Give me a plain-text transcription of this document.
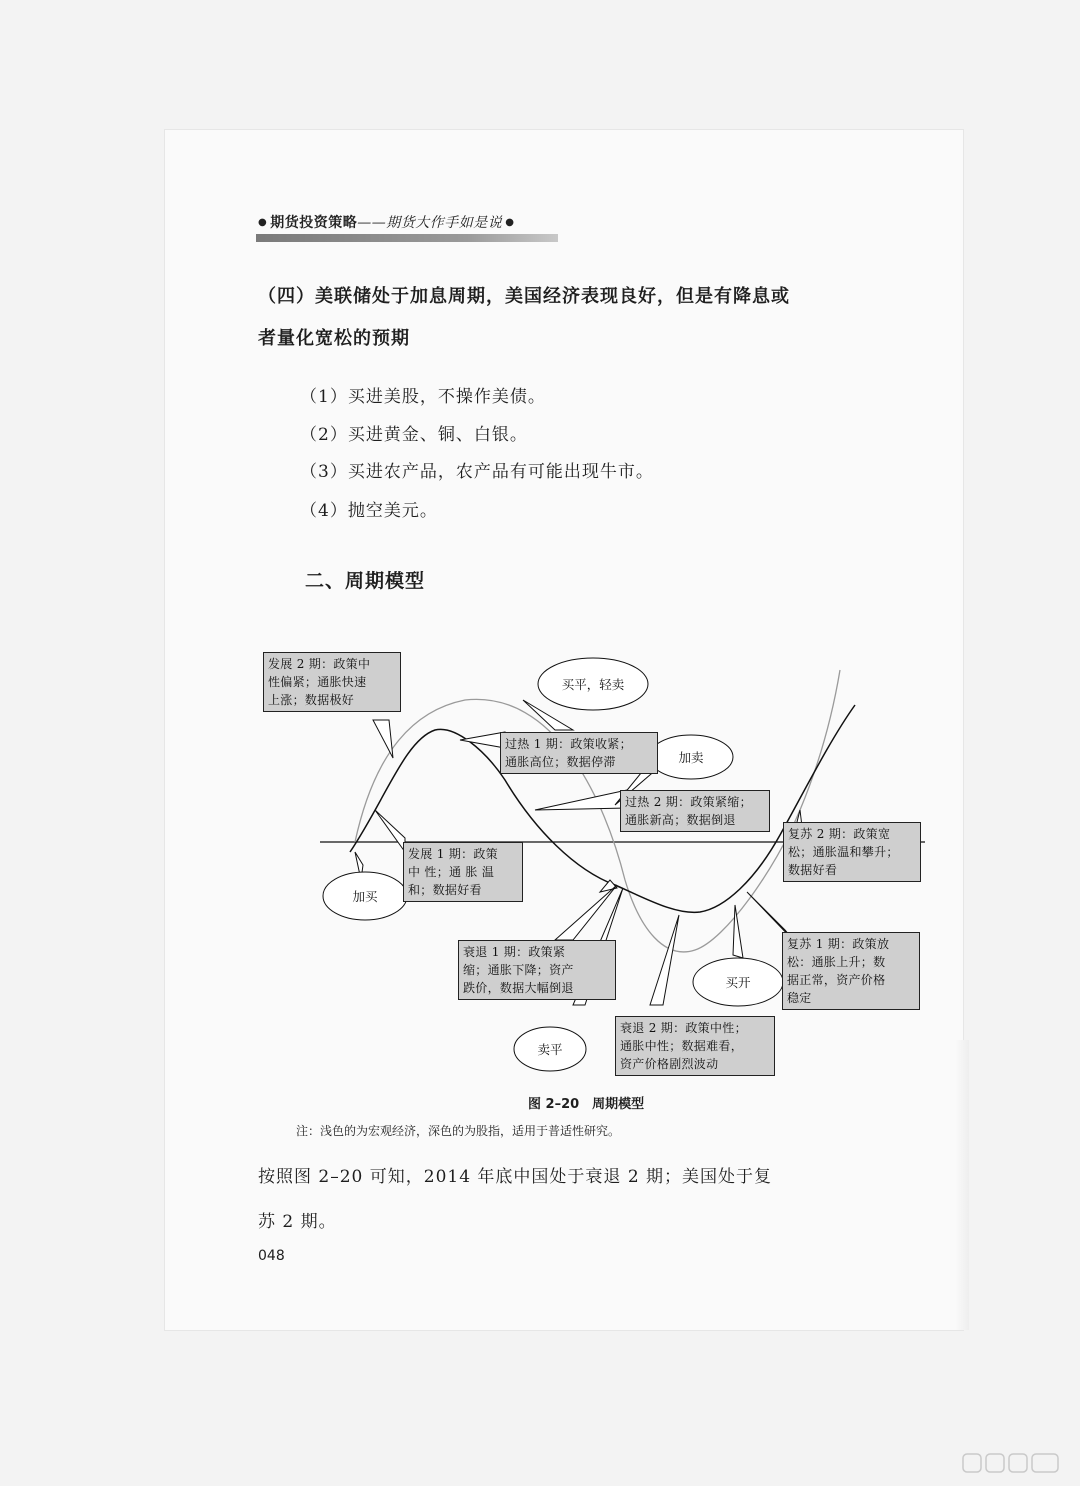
● 期货投资策略——期货大作手如是说 ●
（四）美联储处于加息周期，美国经济表现良好，但是有降息或
者量化宽松的预期
（1）买进美股，不操作美债。
（2）买进黄金、铜、白银。
（3）买进农产品，农产品有可能出现牛市。
（4）抛空美元。
二、周期模型
发展 2 期：政策中
性偏紧；通胀快速
上涨；数据极好
过热 1 期：政策收紧；
通胀高位；数据停滞
过热 2 期：政策紧缩；
通胀新高；数据倒退
复苏 2 期：政策宽
松；通胀温和攀升；
数据好看
发展 1 期：政策
中 性；通 胀 温
和；数据好看
衰退 1 期：政策紧
缩；通胀下降；资产
跌价，数据大幅倒退
复苏 1 期：政策放
松：通胀上升；数
据正常，资产价格
稳定
衰退 2 期：政策中性；
通胀中性；数据难看，
资产价格剧烈波动
买平，轻卖
加卖
加买
买开
卖平
图 2–20　周期模型
注：浅色的为宏观经济，深色的为股指，适用于普适性研究。
按照图 2–20 可知，2014 年底中国处于衰退 2 期；美国处于复
苏 2 期。
048
